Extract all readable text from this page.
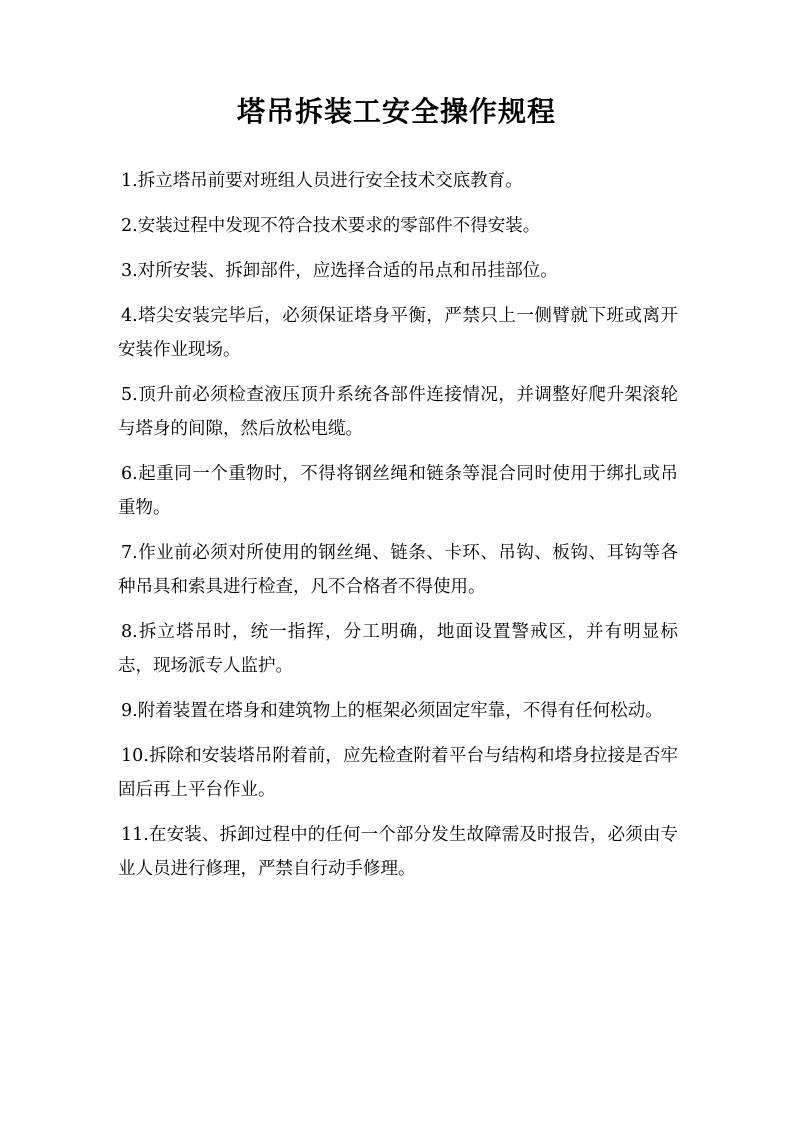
塔吊拆装工安全操作规程

1.拆立塔吊前要对班组人员进行安全技术交底教育。

2.安装过程中发现不符合技术要求的零部件不得安装。

3.对所安装、拆卸部件，应选择合适的吊点和吊挂部位。

4.塔尖安装完毕后，必须保证塔身平衡，严禁只上一侧臂就下班或离开安装作业现场。

5.顶升前必须检查液压顶升系统各部件连接情况，并调整好爬升架滚轮与塔身的间隙，然后放松电缆。

6.起重同一个重物时，不得将钢丝绳和链条等混合同时使用于绑扎或吊重物。

7.作业前必须对所使用的钢丝绳、链条、卡环、吊钩、板钩、耳钩等各种吊具和索具进行检查，凡不合格者不得使用。

8.拆立塔吊时，统一指挥，分工明确，地面设置警戒区，并有明显标志，现场派专人监护。

9.附着装置在塔身和建筑物上的框架必须固定牢靠，不得有任何松动。

10.拆除和安装塔吊附着前，应先检查附着平台与结构和塔身拉接是否牢固后再上平台作业。

11.在安装、拆卸过程中的任何一个部分发生故障需及时报告，必须由专业人员进行修理，严禁自行动手修理。
